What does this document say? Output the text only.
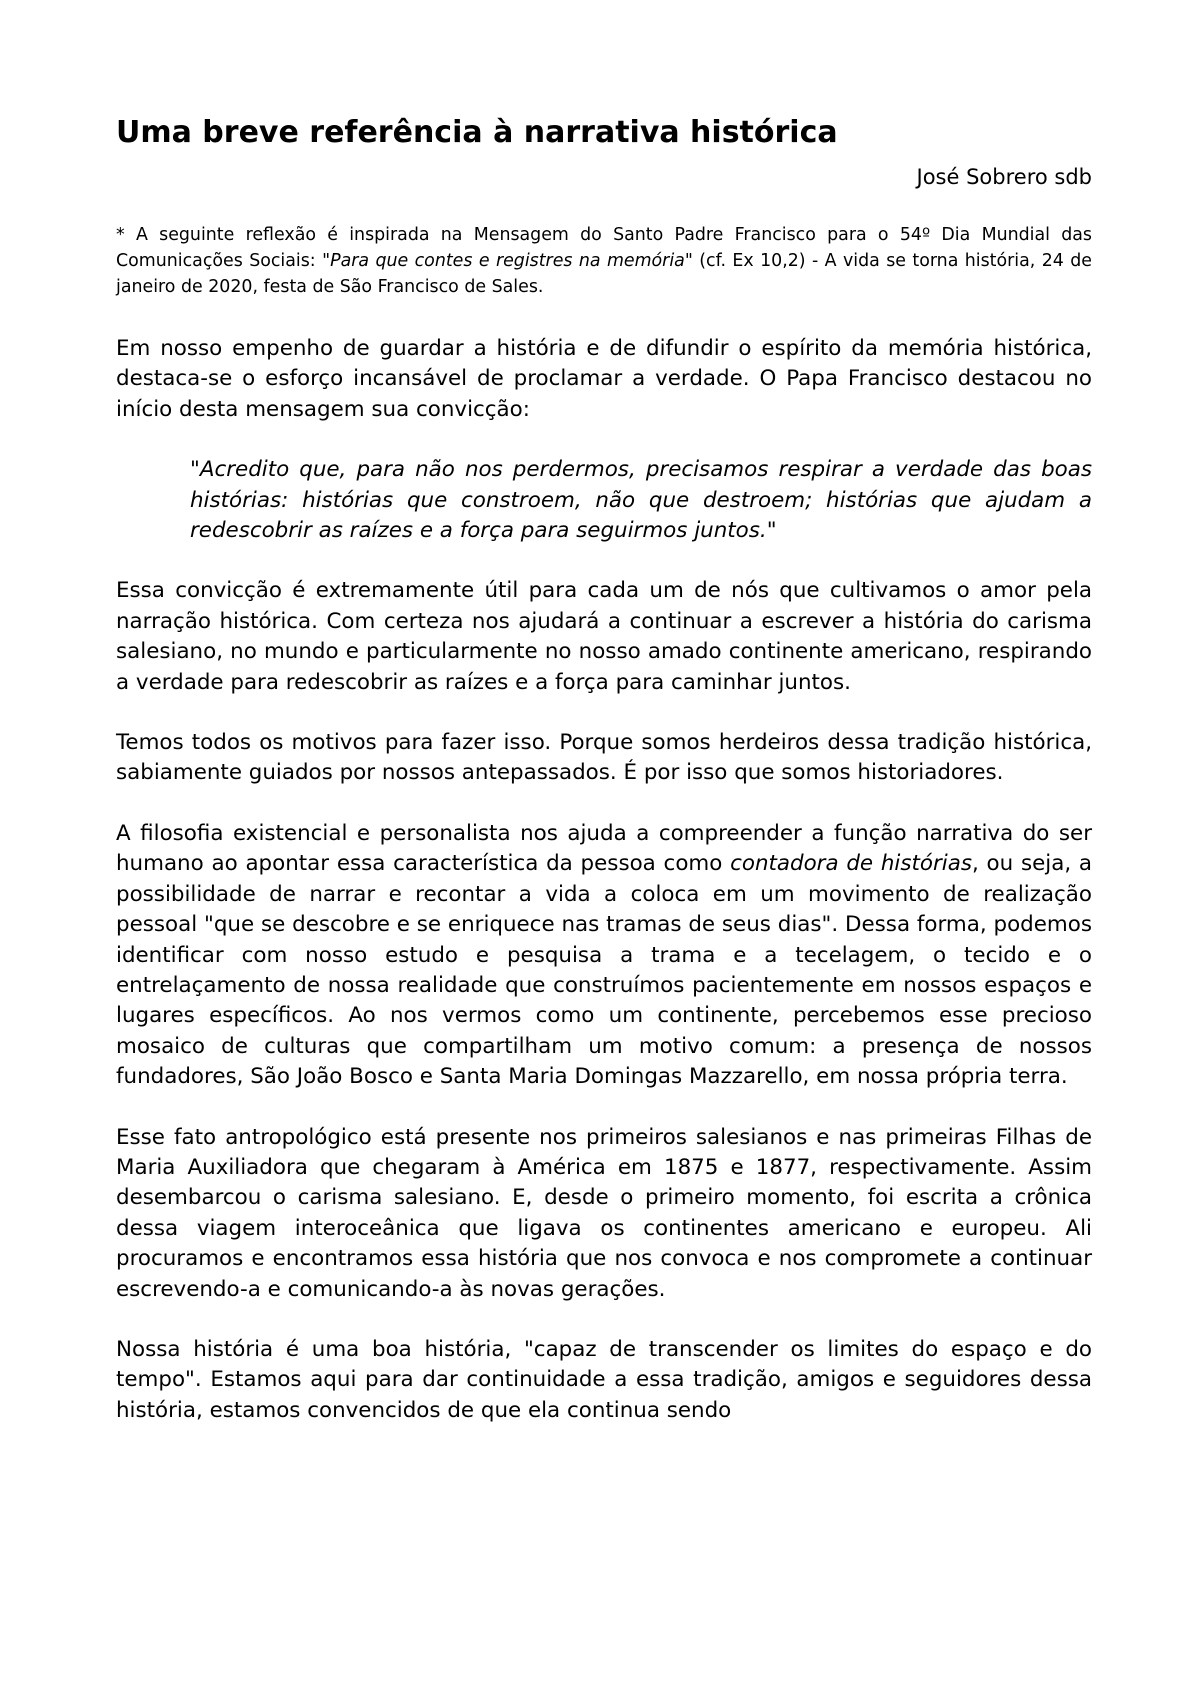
Uma breve referência à narrativa histórica

José Sobrero sdb

* A seguinte reflexão é inspirada na Mensagem do Santo Padre Francisco para o 54º Dia Mundial das Comunicações Sociais: "Para que contes e registres na memória" (cf. Ex 10,2) - A vida se torna história, 24 de janeiro de 2020, festa de São Francisco de Sales.

Em nosso empenho de guardar a história e de difundir o espírito da memória histórica, destaca-se o esforço incansável de proclamar a verdade. O Papa Francisco destacou no início desta mensagem sua convicção:

"Acredito que, para não nos perdermos, precisamos respirar a verdade das boas histórias: histórias que constroem, não que destroem; histórias que ajudam a redescobrir as raízes e a força para seguirmos juntos."

Essa convicção é extremamente útil para cada um de nós que cultivamos o amor pela narração histórica. Com certeza nos ajudará a continuar a escrever a história do carisma salesiano, no mundo e particularmente no nosso amado continente americano, respirando a verdade para redescobrir as raízes e a força para caminhar juntos.

Temos todos os motivos para fazer isso. Porque somos herdeiros dessa tradição histórica, sabiamente guiados por nossos antepassados. É por isso que somos historiadores.

A filosofia existencial e personalista nos ajuda a compreender a função narrativa do ser humano ao apontar essa característica da pessoa como contadora de histórias, ou seja, a possibilidade de narrar e recontar a vida a coloca em um movimento de realização pessoal "que se descobre e se enriquece nas tramas de seus dias". Dessa forma, podemos identificar com nosso estudo e pesquisa a trama e a tecelagem, o tecido e o entrelaçamento de nossa realidade que construímos pacientemente em nossos espaços e lugares específicos. Ao nos vermos como um continente, percebemos esse precioso mosaico de culturas que compartilham um motivo comum: a presença de nossos fundadores, São João Bosco e Santa Maria Domingas Mazzarello, em nossa própria terra.

Esse fato antropológico está presente nos primeiros salesianos e nas primeiras Filhas de Maria Auxiliadora que chegaram à América em 1875 e 1877, respectivamente. Assim desembarcou o carisma salesiano. E, desde o primeiro momento, foi escrita a crônica dessa viagem interoceânica que ligava os continentes americano e europeu. Ali procuramos e encontramos essa história que nos convoca e nos compromete a continuar escrevendo-a e comunicando-a às novas gerações.

Nossa história é uma boa história, "capaz de transcender os limites do espaço e do tempo". Estamos aqui para dar continuidade a essa tradição, amigos e seguidores dessa história, estamos convencidos de que ela continua sendo
